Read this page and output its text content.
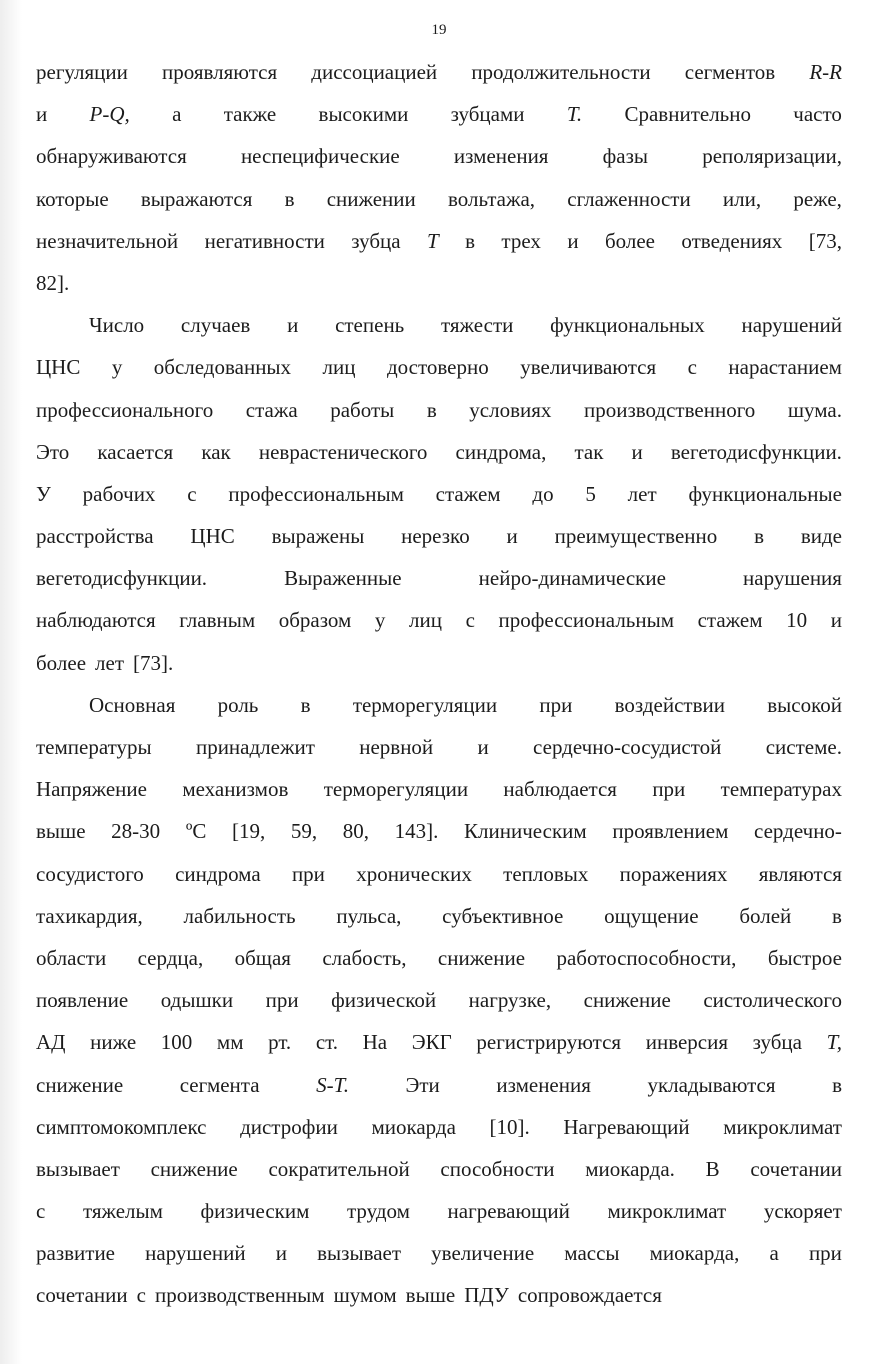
19
регуляции проявляются диссоциацией продолжительности сегментов R-R
и P-Q, а также высокими зубцами T. Сравнительно часто
обнаруживаются	неспецифические	изменения	фазы	реполяризации,
которые выражаются в снижении вольтажа, сглаженности или, реже,
незначительной негативности зубца T в трех и более отведениях [73,
82].
Число случаев и степень тяжести функциональных нарушений
ЦНС у обследованных лиц достоверно увеличиваются с нарастанием
профессионального стажа работы в условиях производственного шума.
Это касается как неврастенического синдрома, так и вегетодисфункции.
У рабочих с профессиональным стажем до 5 лет функциональные
расстройства ЦНС выражены нерезко и преимущественно в виде
вегетодисфункции.	Выраженные	нейро-динамические	нарушения
наблюдаются главным образом у лиц с профессиональным стажем 10 и
более лет [73].
Основная роль в терморегуляции при воздействии высокой
температуры принадлежит нервной и сердечно-сосудистой системе.
Напряжение механизмов терморегуляции наблюдается при температурах
выше 28-30 ºС [19, 59, 80, 143]. Клиническим проявлением сердечно-
сосудистого синдрома при хронических тепловых поражениях являются
тахикардия, лабильность пульса, субъективное ощущение болей в
области сердца, общая слабость, снижение работоспособности, быстрое
появление одышки при физической нагрузке, снижение систолического
АД ниже 100 мм рт. ст. На ЭКГ регистрируются инверсия зубца T,
снижение	сегмента	S-T.	Эти	изменения	укладываются	в
симптомокомплекс дистрофии миокарда [10]. Нагревающий микроклимат
вызывает снижение сократительной способности миокарда. В сочетании
с тяжелым физическим трудом нагревающий микроклимат ускоряет
развитие нарушений и вызывает увеличение массы миокарда, а при
сочетании с производственным шумом выше ПДУ сопровождается
